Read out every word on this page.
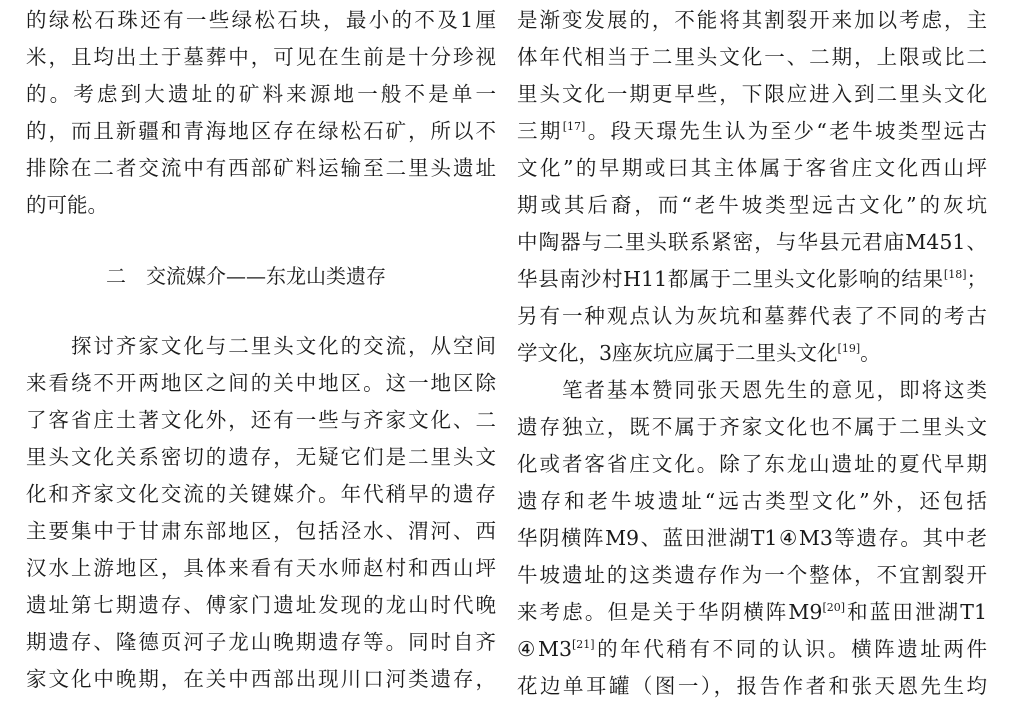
的绿松石珠还有一些绿松石块，最小的不及1厘
米，且均出土于墓葬中，可见在生前是十分珍视
的。考虑到大遗址的矿料来源地一般不是单一
的，而且新疆和青海地区存在绿松石矿，所以不
排除在二者交流中有西部矿料运输至二里头遗址
的可能。
二　交流媒介——东龙山类遗存
　　探讨齐家文化与二里头文化的交流，从空间
来看绕不开两地区之间的关中地区。这一地区除
了客省庄土著文化外，还有一些与齐家文化、二
里头文化关系密切的遗存，无疑它们是二里头文
化和齐家文化交流的关键媒介。年代稍早的遗存
主要集中于甘肃东部地区，包括泾水、渭河、西
汉水上游地区，具体来看有天水师赵村和西山坪
遗址第七期遗存、傅家门遗址发现的龙山时代晚
期遗存、隆德页河子龙山晚期遗存等。同时自齐
家文化中晚期，在关中西部出现川口河类遗存，
是渐变发展的，不能将其割裂开来加以考虑，主
体年代相当于二里头文化一、二期，上限或比二
里头文化一期更早些，下限应进入到二里头文化
三期[17]。段天璟先生认为至少“老牛坡类型远古
文化”的早期或曰其主体属于客省庄文化西山坪
期或其后裔，而“老牛坡类型远古文化”的灰坑
中陶器与二里头联系紧密，与华县元君庙M451、
华县南沙村H11都属于二里头文化影响的结果[18]；
另有一种观点认为灰坑和墓葬代表了不同的考古
学文化，3座灰坑应属于二里头文化[19]。
　　笔者基本赞同张天恩先生的意见，即将这类
遗存独立，既不属于齐家文化也不属于二里头文
化或者客省庄文化。除了东龙山遗址的夏代早期
遗存和老牛坡遗址“远古类型文化”外，还包括
华阴横阵M9、蓝田泄湖T1④M3等遗存。其中老
牛坡遗址的这类遗存作为一个整体，不宜割裂开
来考虑。但是关于华阴横阵M9[20]和蓝田泄湖T1
④M3[21]的年代稍有不同的认识。横阵遗址两件
花边单耳罐（图一），报告作者和张天恩先生均
